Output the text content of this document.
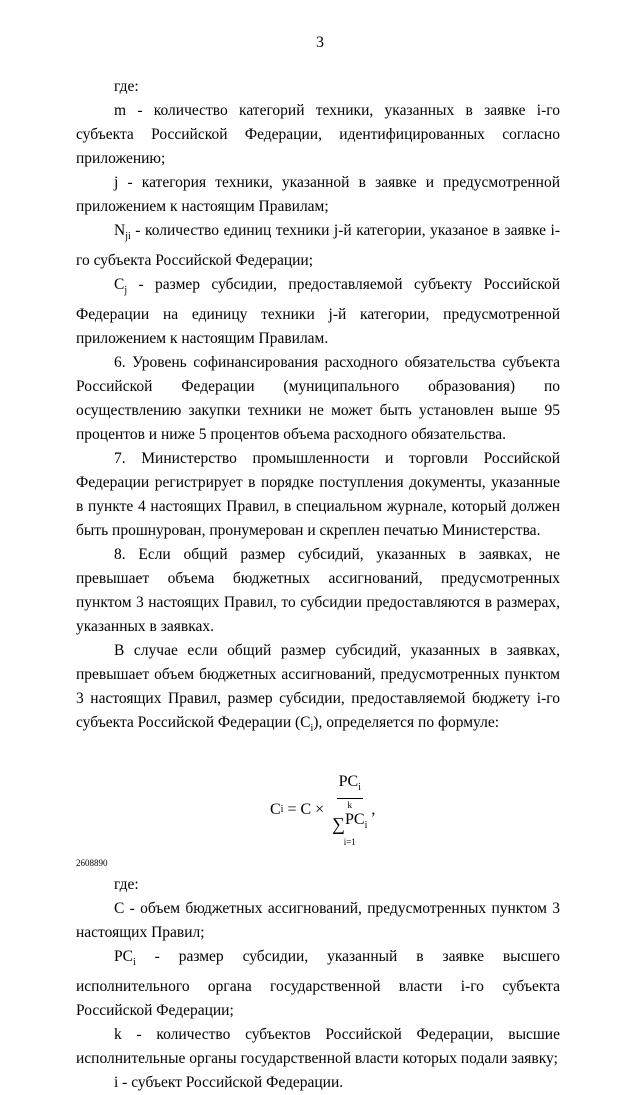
3

где:

m - количество категорий техники, указанных в заявке i-го субъекта Российской Федерации, идентифицированных согласно приложению;

j - категория техники, указанной в заявке и предусмотренной приложением к настоящим Правилам;

$N_{ji}$ - количество единиц техники j-й категории, указаное в заявке i-го субъекта Российской Федерации;

$C_j$ - размер субсидии, предоставляемой субъекту Российской Федерации на единицу техники j-й категории, предусмотренной приложением к настоящим Правилам.

6. Уровень софинансирования расходного обязательства субъекта Российской Федерации (муниципального образования) по осуществлению закупки техники не может быть установлен выше 95 процентов и ниже 5 процентов объема расходного обязательства.

7. Министерство промышленности и торговли Российской Федерации регистрирует в порядке поступления документы, указанные в пункте 4 настоящих Правил, в специальном журнале, который должен быть прошнурован, пронумерован и скреплен печатью Министерства.

8. Если общий размер субсидий, указанных в заявках, не превышает объема бюджетных ассигнований, предусмотренных пунктом 3 настоящих Правил, то субсидии предоставляются в размерах, указанных в заявках.

В случае если общий размер субсидий, указанных в заявках, превышает объем бюджетных ассигнований, предусмотренных пунктом 3 настоящих Правил, размер субсидии, предоставляемой бюджету i-го субъекта Российской Федерации $(C_i)$, определяется по формуле:

C i = C ×
$PC_i$
k
∑ $PC_i$
i=1
,

где:

С - объем бюджетных ассигнований, предусмотренных пунктом 3 настоящих Правил;

$PC_i$ - размер субсидии, указанный в заявке высшего исполнительного органа государственной власти i-го субъекта Российской Федерации;

k - количество субъектов Российской Федерации, высшие исполнительные органы государственной власти которых подали заявку;

i - субъект Российской Федерации.

2608890
